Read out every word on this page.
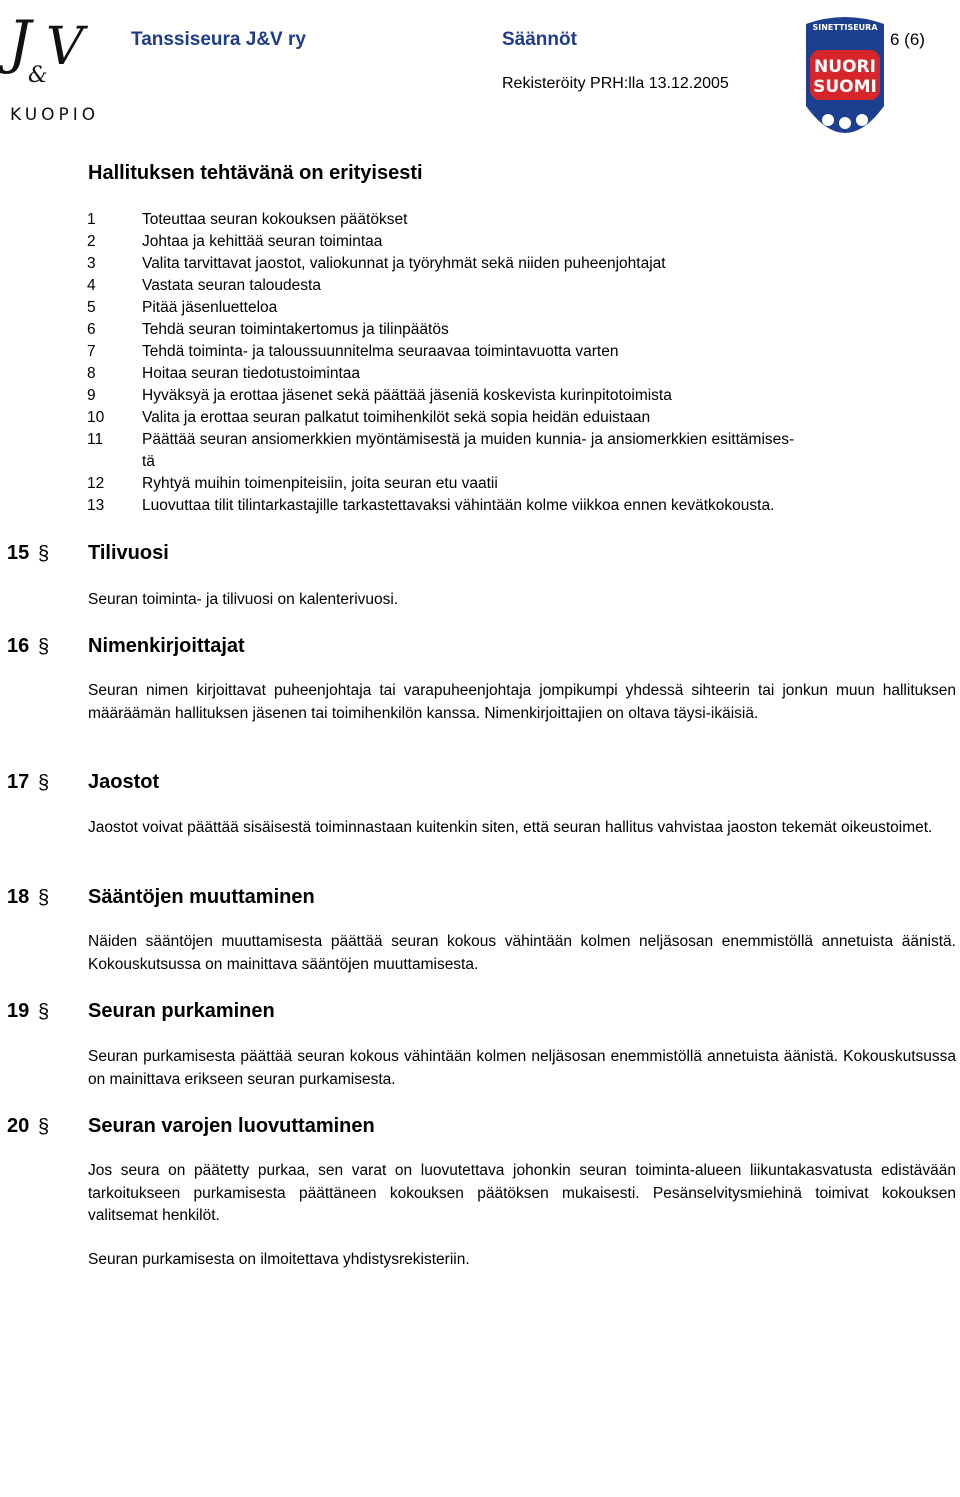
J
&
V
KUOPIO
SINETTISEURA
NUORI
SUOMI
Tanssiseura J&V ry	Säännöt	6 (6)
Rekisteröity PRH:lla 13.12.2005
Hallituksen tehtävänä on erityisesti
1	Toteuttaa seuran kokouksen päätökset
2	Johtaa ja kehittää seuran toimintaa
3	Valita tarvittavat jaostot, valiokunnat ja työryhmät sekä niiden puheenjohtajat
4	Vastata seuran taloudesta
5	Pitää jäsenluetteloa
6	Tehdä seuran toimintakertomus ja tilinpäätös
7	Tehdä toiminta- ja taloussuunnitelma seuraavaa toimintavuotta varten
8	Hoitaa seuran tiedotustoimintaa
9	Hyväksyä ja erottaa jäsenet sekä päättää jäseniä koskevista kurinpitotoimista
10 Valita ja erottaa seuran palkatut toimihenkilöt sekä sopia heidän eduistaan
11	Päättää seuran ansiomerkkien myöntämisestä ja muiden kunnia- ja ansiomerkkien esittämises-
tä
12 Ryhtyä muihin toimenpiteisiin, joita seuran etu vaatii
13 Luovuttaa tilit tilintarkastajille tarkastettavaksi vähintään kolme viikkoa ennen kevätkokousta.
15 § Tilivuosi

Seuran toiminta- ja tilivuosi on kalenterivuosi.

16 § Nimenkirjoittajat

Seuran nimen kirjoittavat puheenjohtaja tai varapuheenjohtaja jompikumpi yhdessä sihteerin tai jonkun muun hallituksen määräämän hallituksen jäsenen tai toimihenkilön kanssa. Nimenkirjoittajien on oltava täysi-ikäisiä.

17 § Jaostot

Jaostot voivat päättää sisäisestä toiminnastaan kuitenkin siten, että seuran hallitus vahvistaa jaoston tekemät oikeustoimet.

18 § Sääntöjen muuttaminen

Näiden sääntöjen muuttamisesta päättää seuran kokous vähintään kolmen neljäsosan enemmistöllä annetuista äänistä. Kokouskutsussa on mainittava sääntöjen muuttamisesta.

19 § Seuran purkaminen

Seuran purkamisesta päättää seuran kokous vähintään kolmen neljäsosan enemmistöllä annetuista äänistä. Kokouskutsussa on mainittava erikseen seuran purkamisesta.

20 § Seuran varojen luovuttaminen

Jos seura on päätetty purkaa, sen varat on luovutettava johonkin seuran toiminta-alueen liikuntakasvatusta edistävään tarkoitukseen purkamisesta päättäneen kokouksen päätöksen mukaisesti. Pesänselvitysmiehinä toimivat kokouksen valitsemat henkilöt.

Seuran purkamisesta on ilmoitettava yhdistysrekisteriin.
